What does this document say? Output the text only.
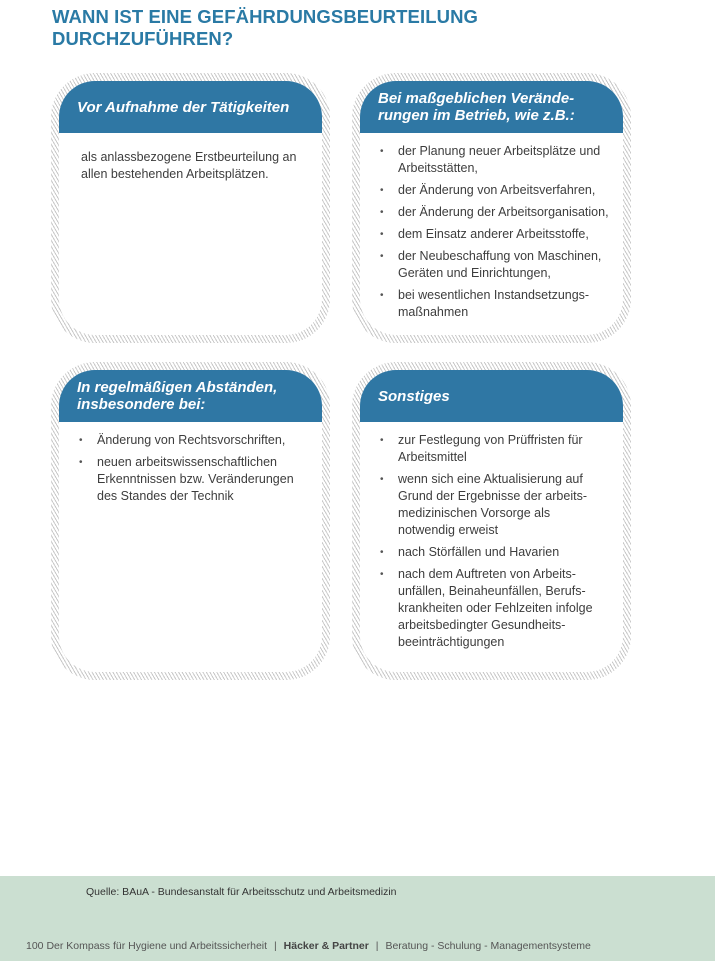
WANN IST EINE GEFÄHRDUNGSBEURTEILUNG
DURCHZUFÜHREN?
Vor Aufnahme der Tätigkeiten

als anlassbezogene Erstbeurteilung an
allen bestehenden Arbeitsplätzen.

Bei maßgeblichen Verände-
rungen im Betrieb, wie z.B.:
• der Planung neuer Arbeitsplätze und
Arbeitsstätten,
• der Änderung von Arbeitsverfahren,
• der Änderung der Arbeitsorganisation,
• dem Einsatz anderer Arbeitsstoffe,
• der Neubeschaffung von Maschinen,
Geräten und Einrichtungen,
• bei wesentlichen Instandsetzungs-
maßnahmen
In regelmäßigen Abständen,
insbesondere bei:
• Änderung von Rechtsvorschriften,
• neuen arbeitswissenschaftlichen
Erkenntnissen bzw. Veränderungen
des Standes der Technik
Sonstiges
• zur Festlegung von Prüffristen für
Arbeitsmittel
• wenn sich eine Aktualisierung auf
Grund der Ergebnisse der arbeits-
medizinischen Vorsorge als
notwendig erweist
• nach Störfällen und Havarien
• nach dem Auftreten von Arbeits-
unfällen, Beinaheunfällen, Berufs-
krankheiten oder Fehlzeiten infolge
arbeitsbedingter Gesundheits-
beeinträchtigungen
Quelle: BAuA - Bundesanstalt für Arbeitsschutz und Arbeitsmedizin
100 Der Kompass für Hygiene und Arbeitssicherheit | Häcker & Partner | Beratung - Schulung - Managementsysteme
